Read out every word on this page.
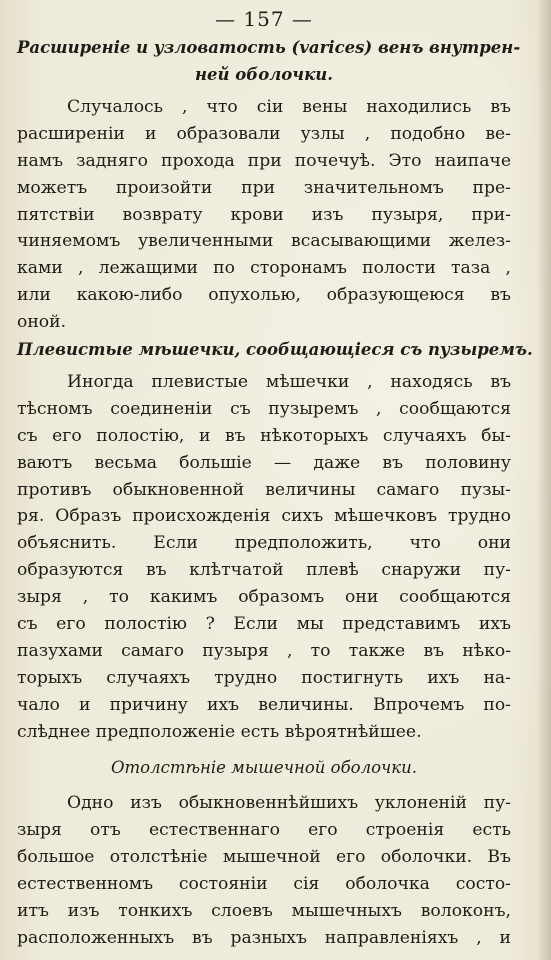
— 157 —

Расширеніе и узловатость (varices) венъ внутрен-
ней оболочки.

Случалось , что сіи вены находились въ
расширеніи и образовали узлы , подобно ве-
намъ задняго прохода при почечуѣ. Это наипаче
можетъ произойти при значительномъ пре-
пятствіи возврату крови изъ пузыря, при-
чиняемомъ увеличенными всасывающими желез-
ками , лежащими по сторонамъ полости таза ,
или какою-либо опухолью, образующеюся въ
оной.

Плевистые мѣшечки, сообщающіеся съ пузыремъ.

Иногда плевистые мѣшечки , находясь въ
тѣсномъ соединеніи съ пузыремъ , сообщаются
съ его полостію, и въ нѣкоторыхъ случаяхъ бы-
ваютъ весьма большіе — даже въ половину
противъ обыкновенной величины самаго пузы-
ря. Образъ происхожденія сихъ мѣшечковъ трудно
объяснить. Если предположить, что они
образуются въ клѣтчатой плевѣ снаружи пу-
зыря , то какимъ образомъ они сообщаются
съ его полостію ? Если мы представимъ ихъ
пазухами самаго пузыря , то также въ нѣко-
торыхъ случаяхъ трудно постигнуть ихъ на-
чало и причину ихъ величины. Впрочемъ по-
слѣднее предположеніе есть вѣроятнѣйшее.

Отолстѣніе мышечной оболочки.

Одно изъ обыкновеннѣйшихъ уклоненій пу-
зыря отъ естественнаго его строенія есть
большое отолстѣніе мышечной его оболочки. Въ
естественномъ состояніи сія оболочка состо-
итъ изъ тонкихъ слоевъ мышечныхъ волоконъ,
расположенныхъ въ разныхъ направленіяхъ , и
